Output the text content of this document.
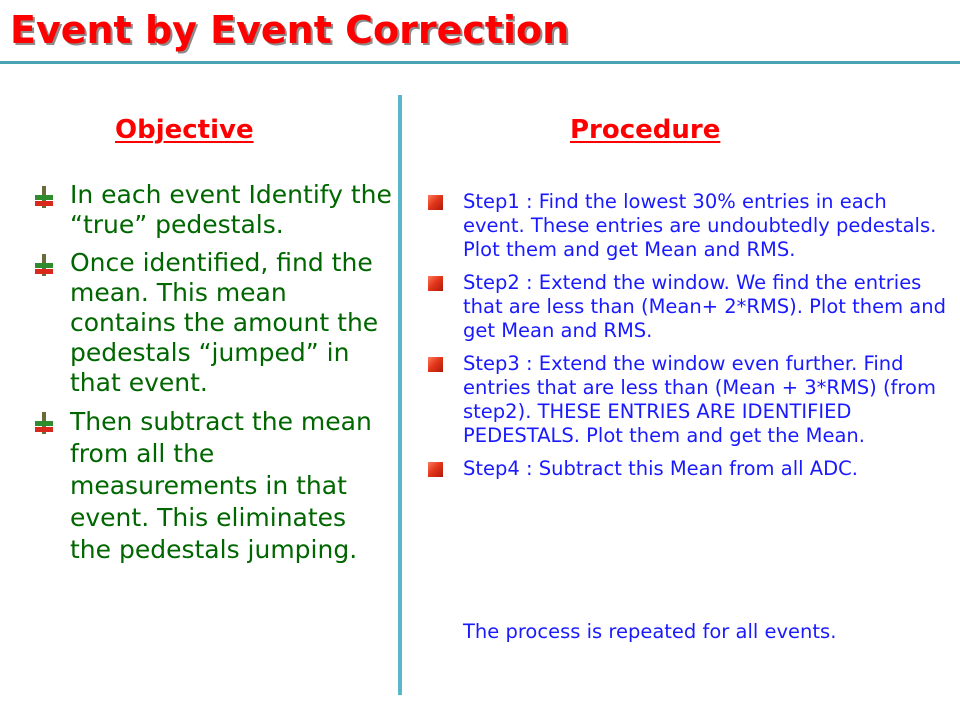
Event by Event Correction
Objective	Procedure
In each event Identify the “true” pedestals.
Once identified, find the mean. This mean contains the amount the pedestals “jumped” in that event.
Then subtract the mean from all the measurements in that event. This eliminates the pedestals jumping.
Step1 : Find the lowest 30% entries in each event. These entries are undoubtedly pedestals. Plot them and get Mean and RMS.
Step2 : Extend the window. We find the entries that are less than (Mean+ 2*RMS). Plot them and get Mean and RMS.
Step3 : Extend the window even further. Find entries that are less than (Mean + 3*RMS) (from step2). THESE ENTRIES ARE IDENTIFIED PEDESTALS. Plot them and get the Mean.
Step4 : Subtract this Mean from all ADC.

The process is repeated for all events.
